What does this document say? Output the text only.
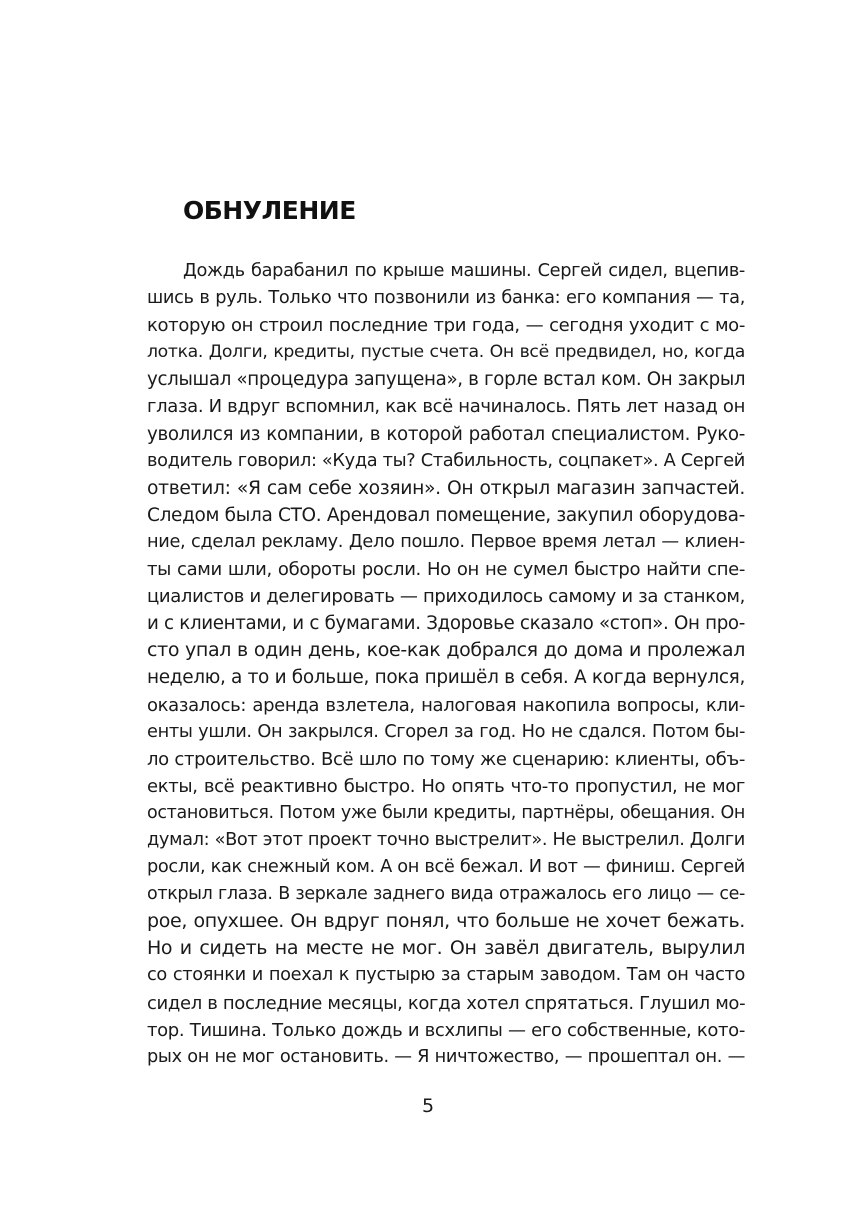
ОБНУЛЕНИЕ
Дождь барабанил по крыше машины. Сергей сидел, вцепив-
шись в руль. Только что позвонили из банка: его компания — та,
которую он строил последние три года, — сегодня уходит с мо-
лотка. Долги, кредиты, пустые счета. Он всё предвидел, но, когда
услышал «процедура запущена», в горле встал ком. Он закрыл
глаза. И вдруг вспомнил, как всё начиналось. Пять лет назад он
уволился из компании, в которой работал специалистом. Руко-
водитель говорил: «Куда ты? Стабильность, соцпакет». А Сергей
ответил: «Я сам себе хозяин». Он открыл магазин запчастей.
Следом была СТО. Арендовал помещение, закупил оборудова-
ние, сделал рекламу. Дело пошло. Первое время летал — клиен-
ты сами шли, обороты росли. Но он не сумел быстро найти спе-
циалистов и делегировать — приходилось самому и за станком,
и с клиентами, и с бумагами. Здоровье сказало «стоп». Он про-
сто упал в один день, кое-как добрался до дома и пролежал
неделю, а то и больше, пока пришёл в себя. А когда вернулся,
оказалось: аренда взлетела, налоговая накопила вопросы, кли-
енты ушли. Он закрылся. Сгорел за год. Но не сдался. Потом бы-
ло строительство. Всё шло по тому же сценарию: клиенты, объ-
екты, всё реактивно быстро. Но опять что-то пропустил, не мог
остановиться. Потом уже были кредиты, партнёры, обещания. Он
думал: «Вот этот проект точно выстрелит». Не выстрелил. Долги
росли, как снежный ком. А он всё бежал. И вот — финиш. Сергей
открыл глаза. В зеркале заднего вида отражалось его лицо — се-
рое, опухшее. Он вдруг понял, что больше не хочет бежать.
Но и сидеть на месте не мог. Он завёл двигатель, вырулил
со стоянки и поехал к пустырю за старым заводом. Там он часто
сидел в последние месяцы, когда хотел спрятаться. Глушил мо-
тор. Тишина. Только дождь и всхлипы — его собственные, кото-
рых он не мог остановить. — Я ничтожество, — прошептал он. —

5
